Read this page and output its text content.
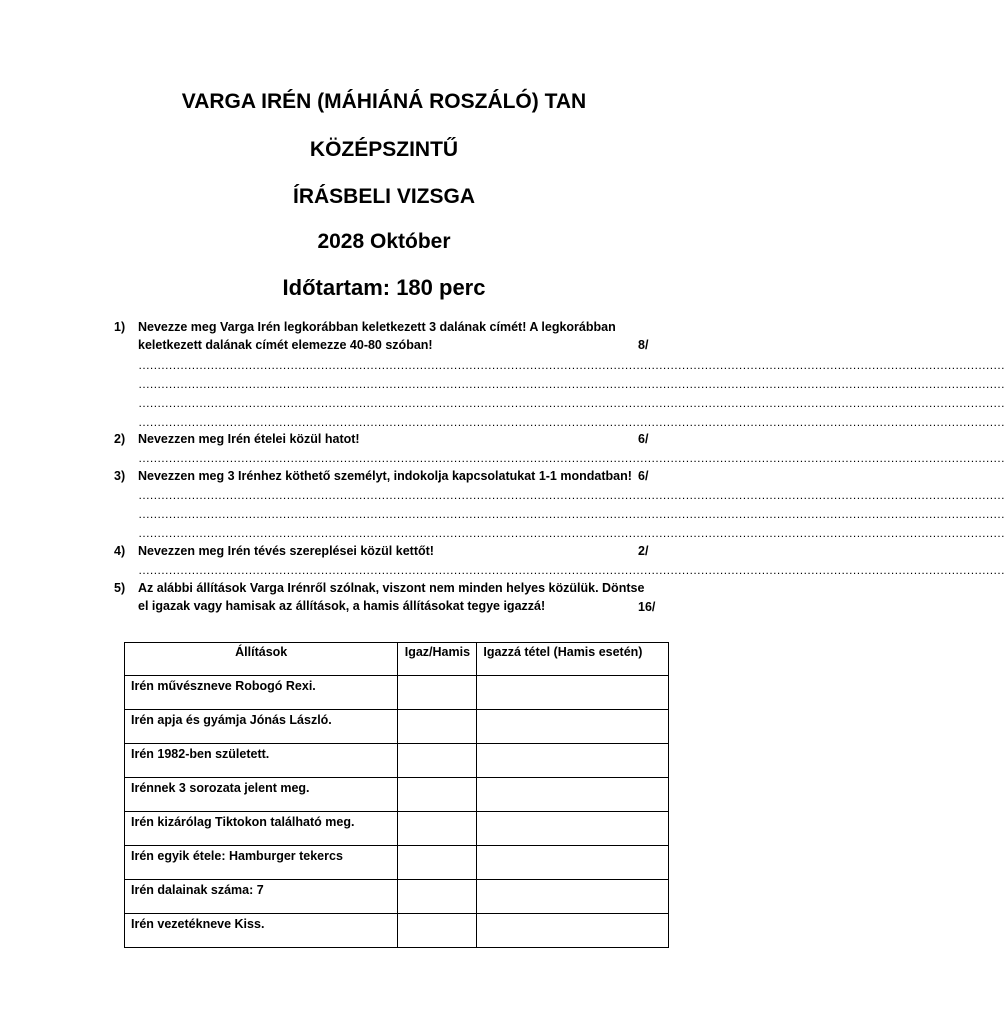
VARGA IRÉN (MÁHIÁNÁ ROSZÁLÓ) TAN
KÖZÉPSZINTŰ
ÍRÁSBELI VIZSGA
2028 Október
Időtartam: 180 perc
1) Nevezze meg Varga Irén legkorábban keletkezett 3 dalának címét! A legkorábban keletkezett dalának címét elemezze 40-80 szóban!	8/
…………………………………………………………………………………………………………………………………………………………………………………………………………
…………………………………………………………………………………………………………………………………………………………………………………………………………
…………………………………………………………………………………………………………………………………………………………………………………………………………
…………………………………………………………………………………………………………………………………………………………………………………………………………
2) Nevezzen meg Irén ételei közül hatot!	6/
…………………………………………………………………………………………………………………………………………………………………………………………………………
3) Nevezzen meg 3 Irénhez köthető személyt, indokolja kapcsolatukat 1-1 mondatban! 6/
…………………………………………………………………………………………………………………………………………………………………………………………………………
…………………………………………………………………………………………………………………………………………………………………………………………………………
…………………………………………………………………………………………………………………………………………………………………………………………………………
4) Nevezzen meg Irén tévés szereplései közül kettőt!	2/
…………………………………………………………………………………………………………………………………………………………………………………………………………
5) Az alábbi állítások Varga Irénről szólnak, viszont nem minden helyes közülük. Döntse el igazak vagy hamisak az állítások, a hamis állításokat tegye igazzá!	16/
Állítások	Igaz/Hamis	Igazzá tétel (Hamis esetén)
Irén művészneve Robogó Rexi.		
Irén apja és gyámja Jónás László.		
Irén 1982-ben született.		
Irénnek 3 sorozata jelent meg.		
Irén kizárólag Tiktokon található meg.		
Irén egyik étele: Hamburger tekercs		
Irén dalainak száma: 7		
Irén vezetékneve Kiss.		
